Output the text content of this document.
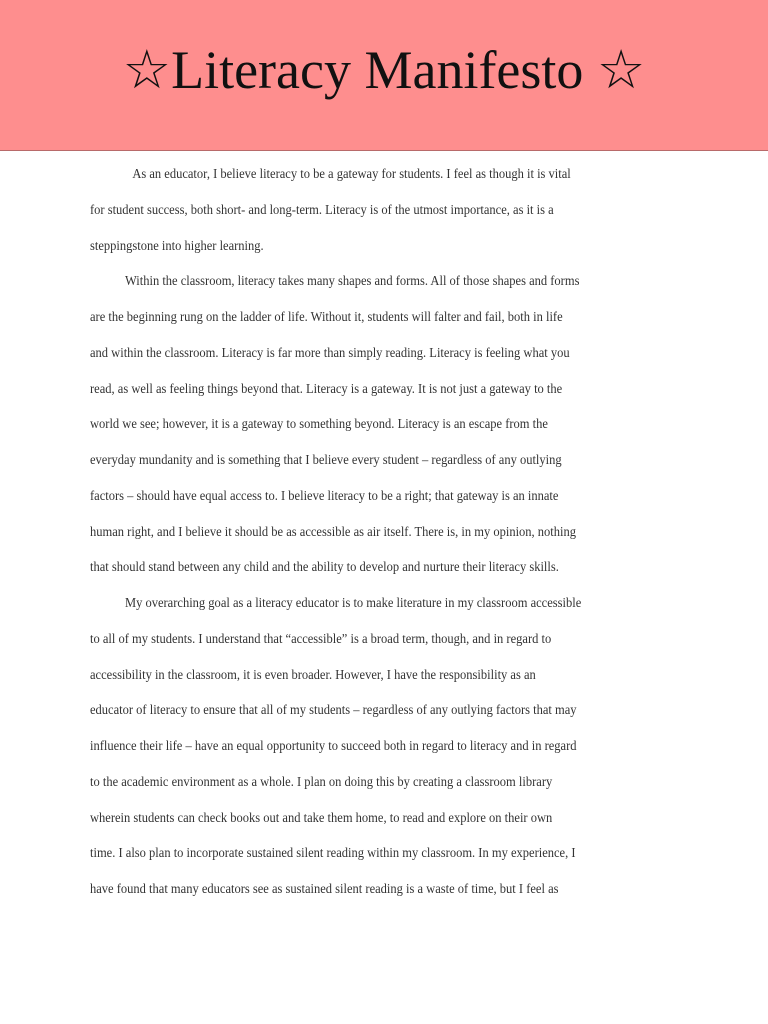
☆Literacy Manifesto ☆
As an educator, I believe literacy to be a gateway for students. I feel as though it is vital
for student success, both short- and long-term. Literacy is of the utmost importance, as it is a
steppingstone into higher learning.
Within the classroom, literacy takes many shapes and forms. All of those shapes and forms
are the beginning rung on the ladder of life. Without it, students will falter and fail, both in life
and within the classroom. Literacy is far more than simply reading. Literacy is feeling what you
read, as well as feeling things beyond that. Literacy is a gateway. It is not just a gateway to the
world we see; however, it is a gateway to something beyond. Literacy is an escape from the
everyday mundanity and is something that I believe every student – regardless of any outlying
factors – should have equal access to. I believe literacy to be a right; that gateway is an innate
human right, and I believe it should be as accessible as air itself. There is, in my opinion, nothing
that should stand between any child and the ability to develop and nurture their literacy skills.
My overarching goal as a literacy educator is to make literature in my classroom accessible
to all of my students. I understand that “accessible” is a broad term, though, and in regard to
accessibility in the classroom, it is even broader. However, I have the responsibility as an
educator of literacy to ensure that all of my students – regardless of any outlying factors that may
influence their life – have an equal opportunity to succeed both in regard to literacy and in regard
to the academic environment as a whole. I plan on doing this by creating a classroom library
wherein students can check books out and take them home, to read and explore on their own
time. I also plan to incorporate sustained silent reading within my classroom. In my experience, I
have found that many educators see as sustained silent reading is a waste of time, but I feel as
